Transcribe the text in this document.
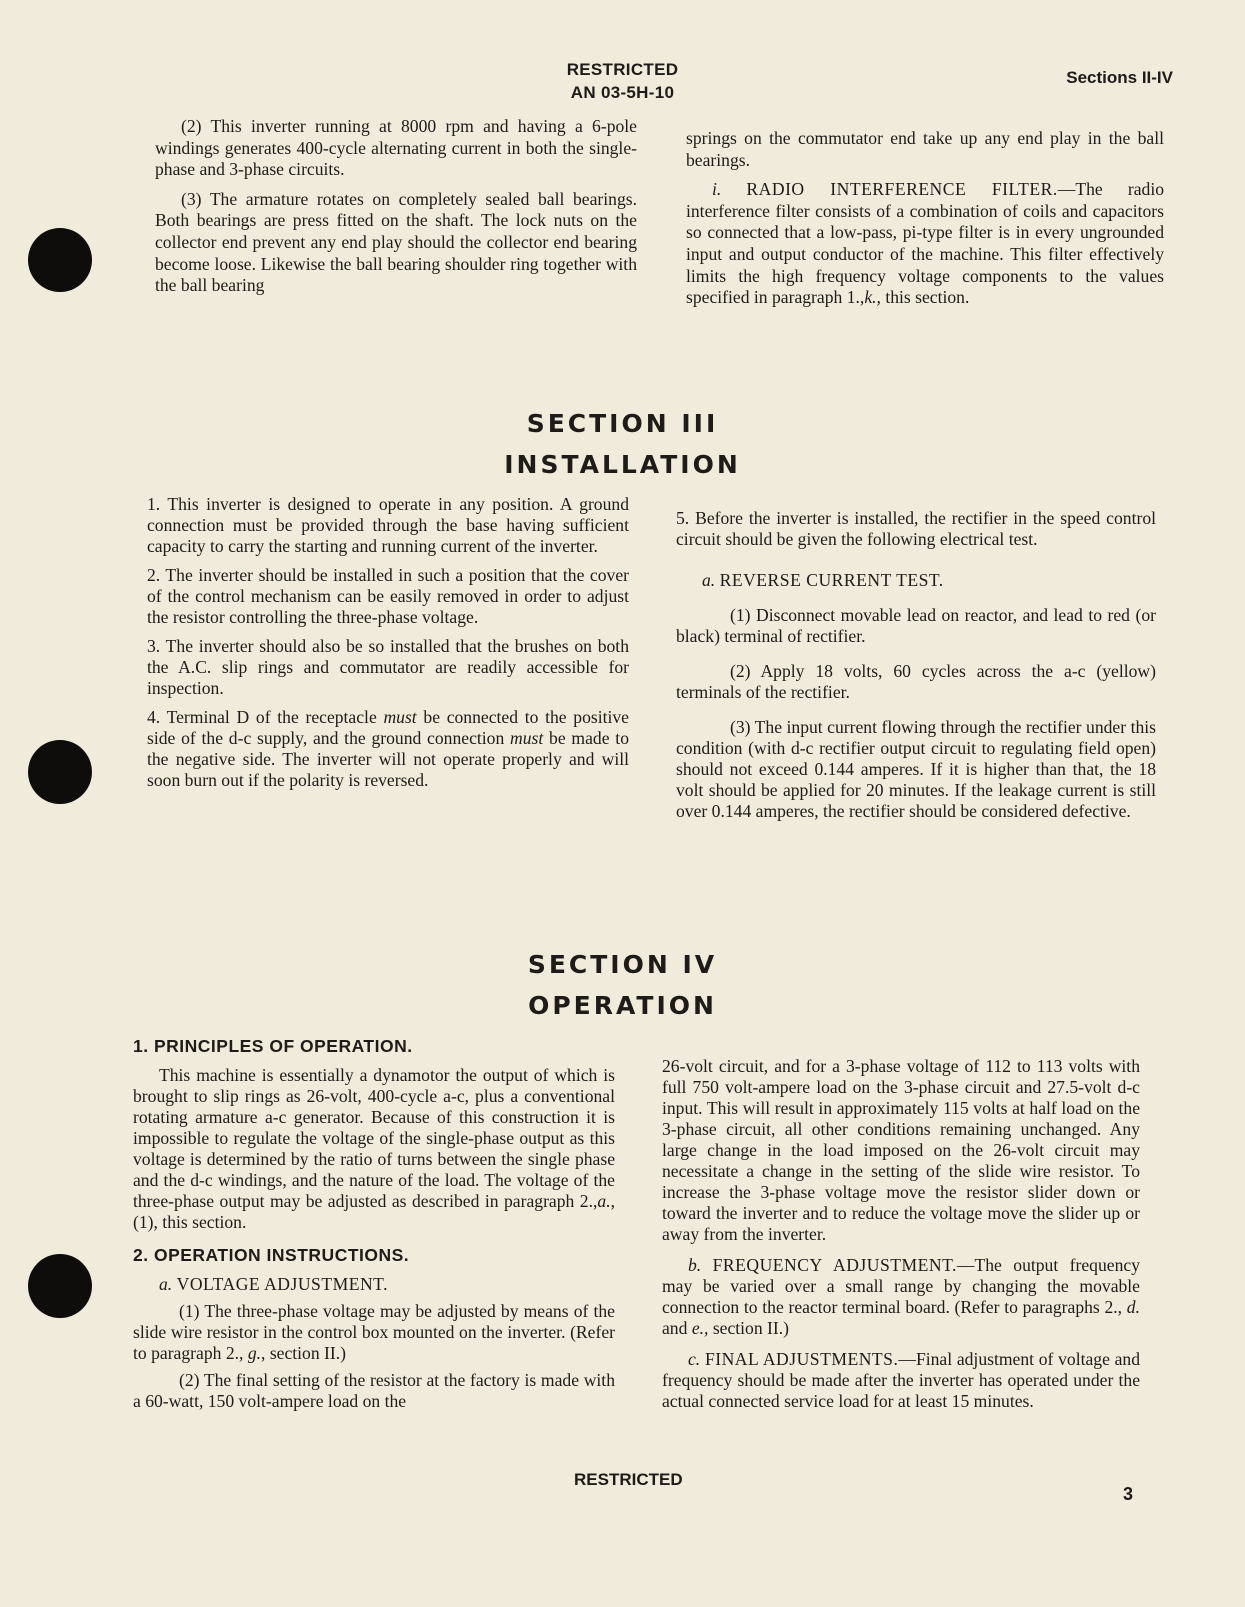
RESTRICTED
AN 03-5H-10
Sections II-IV

(2) This inverter running at 8000 rpm and having a 6-pole windings generates 400-cycle alternating current in both the single-phase and 3-phase circuits.

(3) The armature rotates on completely sealed ball bearings. Both bearings are press fitted on the shaft. The lock nuts on the collector end prevent any end play should the collector end bearing become loose. Likewise the ball bearing shoulder ring together with the ball bearing

springs on the commutator end take up any end play in the ball bearings.

i. RADIO INTERFERENCE FILTER.—The radio interference filter consists of a combination of coils and capacitors so connected that a low-pass, pi-type filter is in every ungrounded input and output conductor of the machine. This filter effectively limits the high frequency voltage components to the values specified in paragraph 1.,k., this section.

SECTION III
INSTALLATION

1. This inverter is designed to operate in any position. A ground connection must be provided through the base having sufficient capacity to carry the starting and running current of the inverter.

2. The inverter should be installed in such a position that the cover of the control mechanism can be easily removed in order to adjust the resistor controlling the three-phase voltage.

3. The inverter should also be so installed that the brushes on both the A.C. slip rings and commutator are readily accessible for inspection.

4. Terminal D of the receptacle must be connected to the positive side of the d-c supply, and the ground connection must be made to the negative side. The inverter will not operate properly and will soon burn out if the polarity is reversed.

5. Before the inverter is installed, the rectifier in the speed control circuit should be given the following electrical test.

a. REVERSE CURRENT TEST.

(1) Disconnect movable lead on reactor, and lead to red (or black) terminal of rectifier.

(2) Apply 18 volts, 60 cycles across the a-c (yellow) terminals of the rectifier.

(3) The input current flowing through the rectifier under this condition (with d-c rectifier output circuit to regulating field open) should not exceed 0.144 amperes. If it is higher than that, the 18 volt should be applied for 20 minutes. If the leakage current is still over 0.144 amperes, the rectifier should be considered defective.

SECTION IV
OPERATION

1. PRINCIPLES OF OPERATION.

This machine is essentially a dynamotor the output of which is brought to slip rings as 26-volt, 400-cycle a-c, plus a conventional rotating armature a-c generator. Because of this construction it is impossible to regulate the voltage of the single-phase output as this voltage is determined by the ratio of turns between the single phase and the d-c windings, and the nature of the load. The voltage of the three-phase output may be adjusted as described in paragraph 2.,a.,(1), this section.

2. OPERATION INSTRUCTIONS.

a. VOLTAGE ADJUSTMENT.

(1) The three-phase voltage may be adjusted by means of the slide wire resistor in the control box mounted on the inverter. (Refer to paragraph 2., g., section II.)

(2) The final setting of the resistor at the factory is made with a 60-watt, 150 volt-ampere load on the

26-volt circuit, and for a 3-phase voltage of 112 to 113 volts with full 750 volt-ampere load on the 3-phase circuit and 27.5-volt d-c input. This will result in approximately 115 volts at half load on the 3-phase circuit, all other conditions remaining unchanged. Any large change in the load imposed on the 26-volt circuit may necessitate a change in the setting of the slide wire resistor. To increase the 3-phase voltage move the resistor slider down or toward the inverter and to reduce the voltage move the slider up or away from the inverter.

b. FREQUENCY ADJUSTMENT.—The output frequency may be varied over a small range by changing the movable connection to the reactor terminal board. (Refer to paragraphs 2., d. and e., section II.)

c. FINAL ADJUSTMENTS.—Final adjustment of voltage and frequency should be made after the inverter has operated under the actual connected service load for at least 15 minutes.

RESTRICTED
3
